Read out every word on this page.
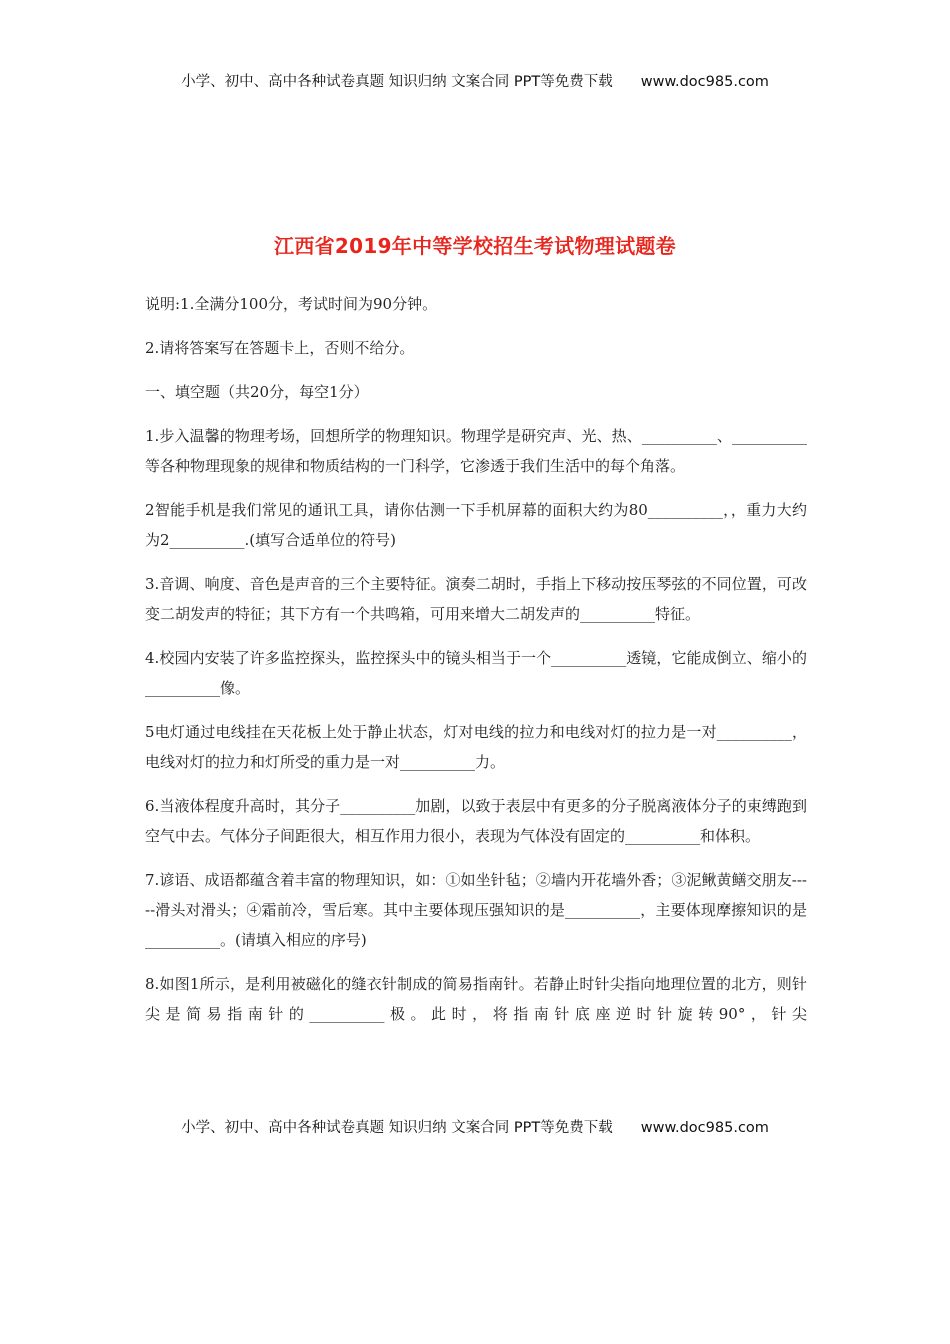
小学、初中、高中各种试卷真题 知识归纳 文案合同 PPT等免费下载 www.doc985.com
江西省2019年中等学校招生考试物理试题卷

说明:1.全满分100分，考试时间为90分钟。

2.请将答案写在答题卡上，否则不给分。

一、填空题（共20分，每空1分）

1.步入温馨的物理考场，回想所学的物理知识。物理学是研究声、光、热、__________、__________等各种物理现象的规律和物质结构的一门科学，它渗透于我们生活中的每个角落。

2智能手机是我们常见的通讯工具，请你估测一下手机屏幕的面积大约为80__________，，重力大约为2__________.(填写合适单位的符号)

3.音调、响度、音色是声音的三个主要特征。演奏二胡时，手指上下移动按压琴弦的不同位置，可改变二胡发声的特征；其下方有一个共鸣箱，可用来增大二胡发声的__________特征。

4.校园内安装了许多监控探头，监控探头中的镜头相当于一个__________透镜，它能成倒立、缩小的__________像。

5电灯通过电线挂在天花板上处于静止状态，灯对电线的拉力和电线对灯的拉力是一对__________，电线对灯的拉力和灯所受的重力是一对__________力。

6.当液体程度升高时，其分子__________加剧，以致于表层中有更多的分子脱离液体分子的束缚跑到空气中去。气体分子间距很大，相互作用力很小，表现为气体没有固定的__________和体积。

7.谚语、成语都蕴含着丰富的物理知识，如：①如坐针毡；②墙内开花墙外香；③泥鳅黄鳝交朋友-----滑头对滑头；④霜前冷，雪后寒。其中主要体现压强知识的是__________，主要体现摩擦知识的是__________。(请填入相应的序号)

8.如图1所示，是利用被磁化的缝衣针制成的简易指南针。若静止时针尖指向地理位置的北方，则针尖是简易指南针的__________极。此时，将指南针底座逆时针旋转90°，针尖

小学、初中、高中各种试卷真题 知识归纳 文案合同 PPT等免费下载 www.doc985.com
